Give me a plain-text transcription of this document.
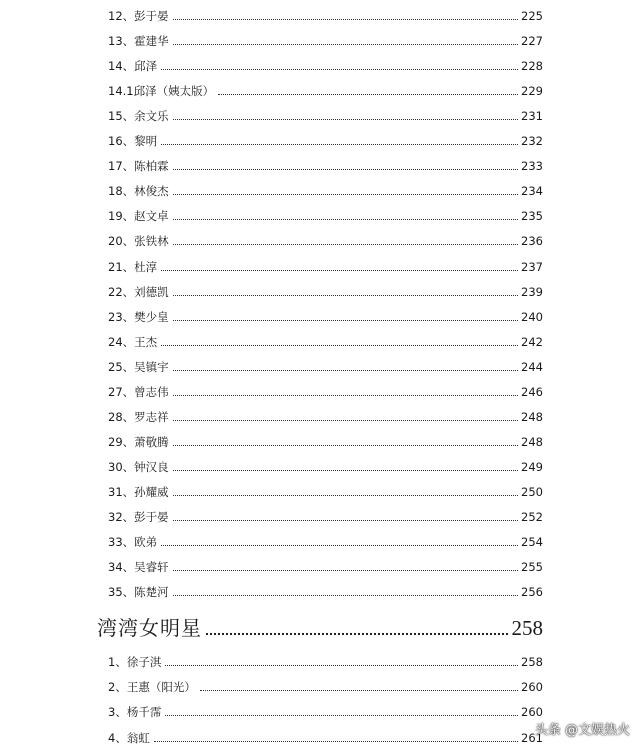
12、彭于晏	225
13、霍建华	227
14、邱泽	228
14.1邱泽（姨太版）	229
15、余文乐	231
16、黎明	232
17、陈柏霖	233
18、林俊杰	234
19、赵文卓	235
20、张铁林	236
21、杜淳	237
22、刘德凯	239
23、樊少皇	240
24、王杰	242
25、吴镇宇	244
27、曾志伟	246
28、罗志祥	248
29、萧敬腾	248
30、钟汉良	249
31、孙耀威	250
32、彭于晏	252
33、欧弟	254
34、吴睿轩	255
35、陈楚河	256
湾湾女明星	258
1、徐子淇	258
2、王惠（阳光）	260
3、杨千霈	260
4、翁虹	261
头条 @文娱热火
